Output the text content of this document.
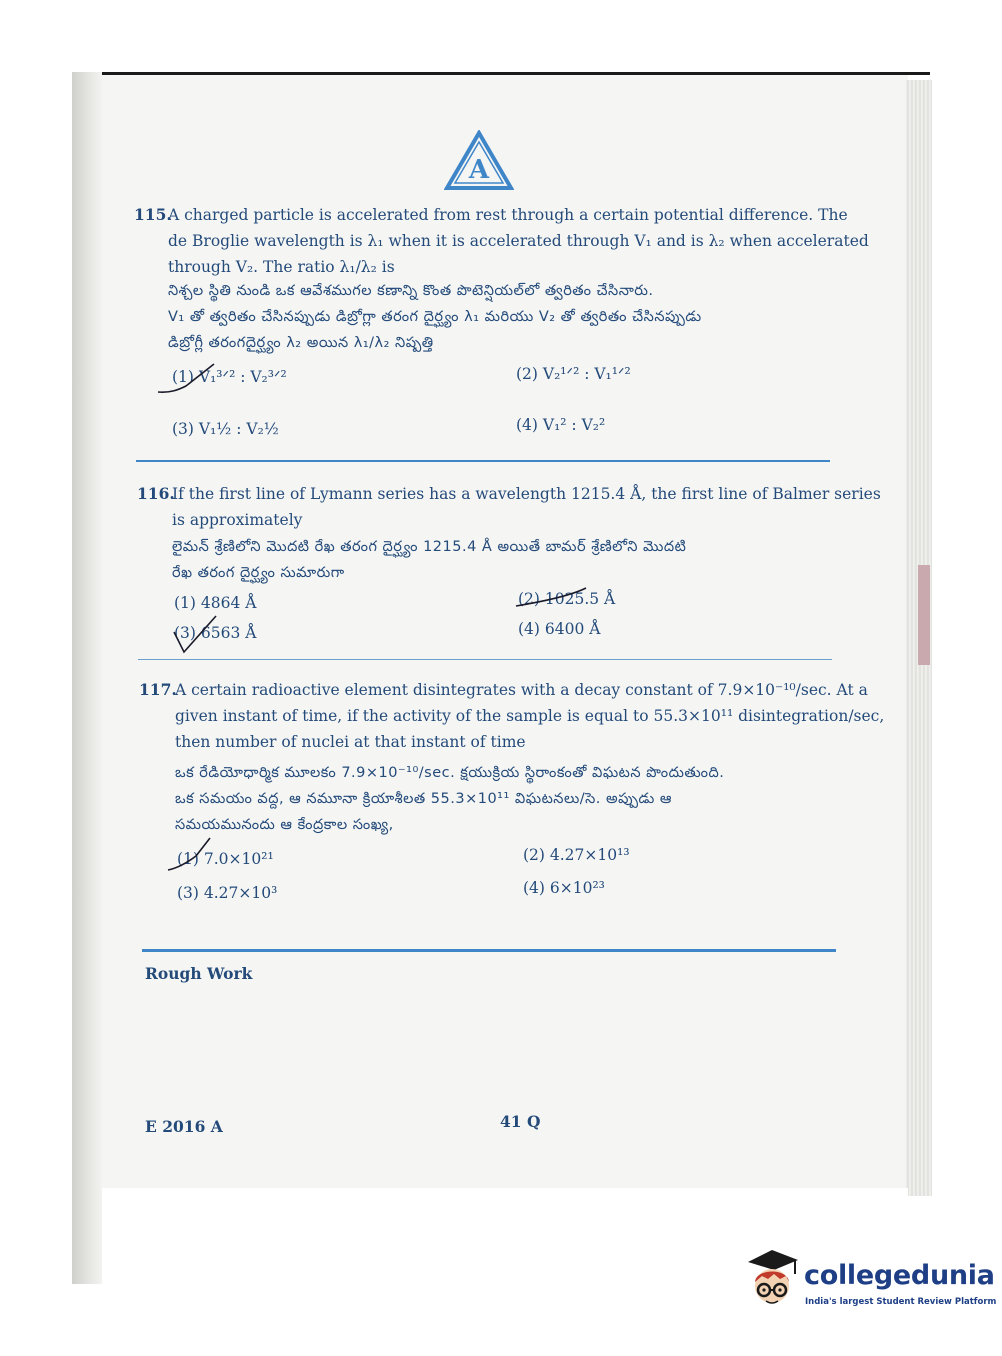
A
115.
A charged particle is accelerated from rest through a certain potential difference. The
de Broglie wavelength is λ₁ when it is accelerated through V₁ and is λ₂ when accelerated
through V₂. The ratio λ₁/λ₂ is
నిశ్చల స్థితి నుండి ఒక ఆవేశముగల కణాన్ని కొంత పొటెన్షియల్‌లో త్వరితం చేసినారు.
V₁ తో త్వరితం చేసినప్పుడు డిబ్రోగ్లా తరంగ దైర్ఘ్యం λ₁ మరియు V₂ తో త్వరితం చేసినప్పుడు
డిబ్రోగ్లీ తరంగదైర్ఘ్యం λ₂ అయిన λ₁/λ₂ నిష్పత్తి
(1) V₁³ᐟ² : V₂³ᐟ²	(2) V₂¹ᐟ² : V₁¹ᐟ²
(3) V₁½ : V₂½	(4) V₁² : V₂²
116.
If the first line of Lymann series has a wavelength 1215.4 Å, the first line of Balmer series
is approximately
లైమన్ శ్రేణిలోని మొదటి రేఖ తరంగ దైర్ఘ్యం 1215.4 Å అయితే బామర్ శ్రేణిలోని మొదటి
రేఖ తరంగ దైర్ఘ్యం సుమారుగా
(1) 4864 Å	(2) 1025.5 Å
(3) 6563 Å	(4) 6400 Å
117.
A certain radioactive element disintegrates with a decay constant of 7.9×10⁻¹⁰/sec. At a
given instant of time, if the activity of the sample is equal to 55.3×10¹¹ disintegration/sec,
then number of nuclei at that instant of time
ఒక రేడియోధార్మిక మూలకం 7.9×10⁻¹⁰/sec. క్షయుక్రియ స్థిరాంకంతో విఘటన పొందుతుంది.
ఒక సమయం వద్ద, ఆ నమూనా క్రియాశీలత 55.3×10¹¹ విఘటనలు/సె. అప్పుడు ఆ
సమయమునందు ఆ కేంద్రకాల సంఖ్య,
(1) 7.0×10²¹	(2) 4.27×10¹³
(3) 4.27×10³	(4) 6×10²³
Rough Work
E 2016 A	41 Q
collegedunia
India's largest Student Review Platform
